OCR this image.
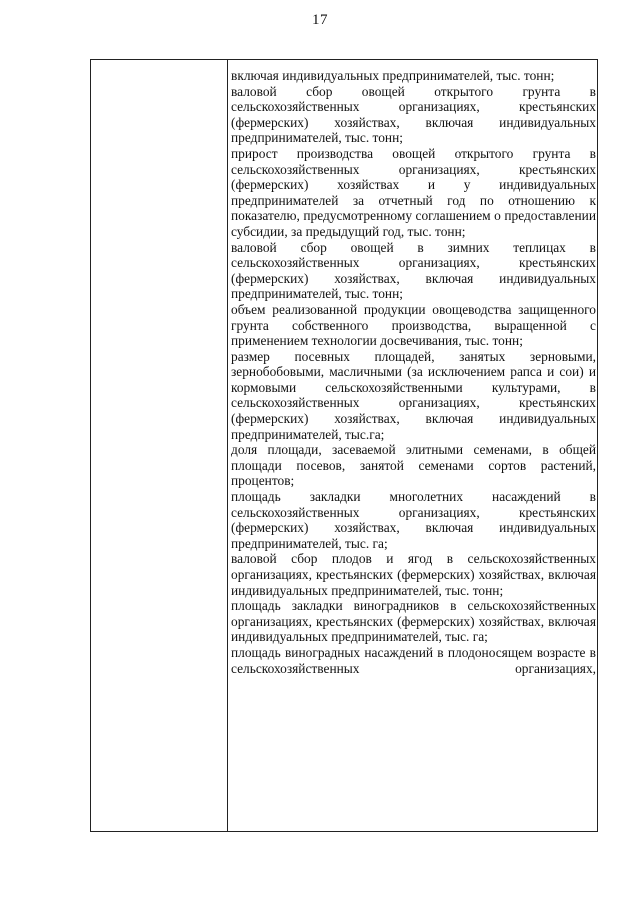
17

включая индивидуальных предпринимателей, тыс. тонн;

валовой сбор овощей открытого грунта в сельскохозяйственных организациях, крестьянских (фермерских) хозяйствах, включая индивидуальных предпринимателей, тыс. тонн;

прирост производства овощей открытого грунта в сельскохозяйственных организациях, крестьянских (фермерских) хозяйствах и у индивидуальных предпринимателей за отчетный год по отношению к показателю, предусмотренному соглашением о предоставлении субсидии, за предыдущий год, тыс. тонн;

валовой сбор овощей в зимних теплицах в сельскохозяйственных организациях, крестьянских (фермерских) хозяйствах, включая индивидуальных предпринимателей, тыс. тонн;

объем реализованной продукции овощеводства защищенного грунта собственного производства, выращенной с применением технологии досвечивания, тыс. тонн;

размер посевных площадей, занятых зерновыми, зернобобовыми, масличными (за исключением рапса и сои) и кормовыми сельскохозяйственными культурами, в сельскохозяйственных организациях, крестьянских (фермерских) хозяйствах, включая индивидуальных предпринимателей, тыс.га;

доля площади, засеваемой элитными семенами, в общей площади посевов, занятой семенами сортов растений, процентов;

площадь закладки многолетних насаждений в сельскохозяйственных организациях, крестьянских (фермерских) хозяйствах, включая индивидуальных предпринимателей, тыс. га;

валовой сбор плодов и ягод в сельскохозяйственных организациях, крестьянских (фермерских) хозяйствах, включая индивидуальных предпринимателей, тыс. тонн;

площадь закладки виноградников в сельскохозяйственных организациях, крестьянских (фермерских) хозяйствах, включая индивидуальных предпринимателей, тыс. га;

площадь виноградных насаждений в плодоносящем возрасте в сельскохозяйственных организациях,
